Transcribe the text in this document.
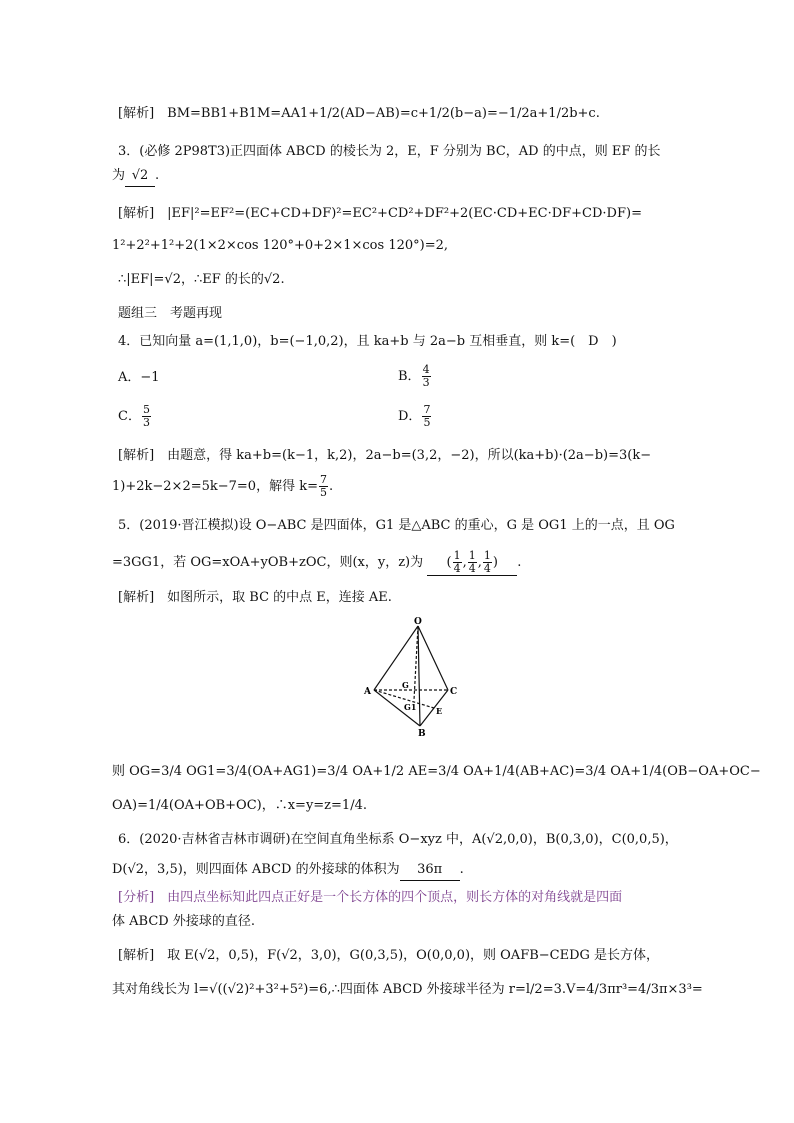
[解析]　BM=BB1+B1M=AA1+1/2(AD−AB)=c+1/2(b−a)=−1/2a+1/2b+c.
3．(必修 2P98T3)正四面体 ABCD 的棱长为 2，E，F 分别为 BC，AD 的中点，则 EF 的长
为 √2 .
[解析]　|EF|²=EF²=(EC+CD+DF)²=EC²+CD²+DF²+2(EC·CD+EC·DF+CD·DF)=
1²+2²+1²+2(1×2×cos 120°+0+2×1×cos 120°)=2,
∴|EF|=√2，∴EF 的长的√2.
题组三　考题再现
4．已知向量 a=(1,1,0)，b=(−1,0,2)，且 ka+b 与 2a−b 互相垂直，则 k=(　D　)
A．−1	B． $\frac{4}{3}$
C． $\frac{5}{3}$	D． $\frac{7}{5}$
[解析]　由题意，得 ka+b=(k−1，k,2)，2a−b=(3,2，−2)，所以(ka+b)·(2a−b)=3(k−
1)+2k−2×2=5k−7=0，解得 $k= \frac{7}{5}$ .
5．(2019·晋江模拟)设 O−ABC 是四面体，G1 是△ABC 的重心，G 是 OG1 上的一点，且 OG
=3GG1，若 OG=xOA+yOB+zOC，则(x，y，z)为 ( $\frac{1}{4}$ , $\frac{1}{4}$ , $\frac{1}{4}$ ) .
[解析]　如图所示，取 BC 的中点 E，连接 AE.
O
A
B
C
G
G1 E
则 OG=3/4 OG1=3/4(OA+AG1)=3/4 OA+1/2 AE=3/4 OA+1/4(AB+AC)=3/4 OA+1/4(OB−OA+OC−
OA)=1/4(OA+OB+OC)，∴x=y=z=1/4.
6．(2020·吉林省吉林市调研)在空间直角坐标系 O−xyz 中，A(√2,0,0)，B(0,3,0)，C(0,0,5)，
D(√2，3,5)，则四面体 ABCD 的外接球的体积为 36π .
[分析]　由四点坐标知此四点正好是一个长方体的四个顶点，则长方体的对角线就是四面
体 ABCD 外接球的直径.
[解析]　取 E(√2，0,5)，F(√2，3,0)，G(0,3,5)，O(0,0,0)，则 OAFB−CEDG 是长方体，
其对角线长为 l=√((√2)²+3²+5²)=6,∴四面体 ABCD 外接球半径为 r=l/2=3.V=4/3πr³=4/3π×3³=
